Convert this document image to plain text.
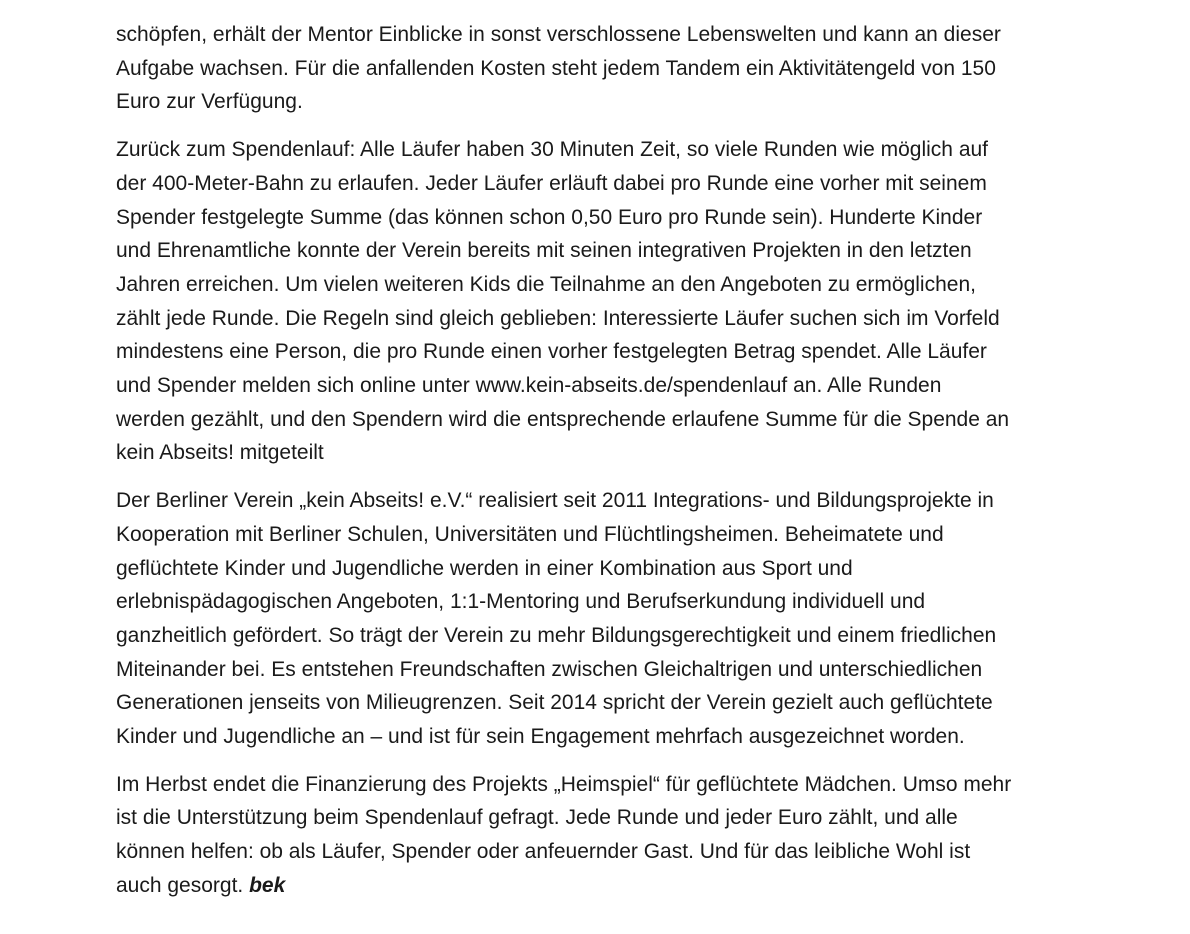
schöpfen, erhält der Mentor Einblicke in sonst verschlossene Lebenswelten und kann an dieser
Aufgabe wachsen. Für die anfallenden Kosten steht jedem Tandem ein Aktivitätengeld von 150
Euro zur Verfügung.

Zurück zum Spendenlauf: Alle Läufer haben 30 Minuten Zeit, so viele Runden wie möglich auf
der 400-Meter-Bahn zu erlaufen. Jeder Läufer erläuft dabei pro Runde eine vorher mit seinem
Spender festgelegte Summe (das können schon 0,50 Euro pro Runde sein). Hunderte Kinder
und Ehrenamtliche konnte der Verein bereits mit seinen integrativen Projekten in den letzten
Jahren erreichen. Um vielen weiteren Kids die Teilnahme an den Angeboten zu ermöglichen,
zählt jede Runde. Die Regeln sind gleich geblieben: Interessierte Läufer suchen sich im Vorfeld
mindestens eine Person, die pro Runde einen vorher festgelegten Betrag spendet. Alle Läufer
und Spender melden sich online unter www.kein-abseits.de/spendenlauf an. Alle Runden
werden gezählt, und den Spendern wird die entsprechende erlaufene Summe für die Spende an
kein Abseits! mitgeteilt

Der Berliner Verein „kein Abseits! e.V.“ realisiert seit 2011 Integrations- und Bildungsprojekte in
Kooperation mit Berliner Schulen, Universitäten und Flüchtlingsheimen. Beheimatete und
geflüchtete Kinder und Jugendliche werden in einer Kombination aus Sport und
erlebnispädagogischen Angeboten, 1:1-Mentoring und Berufserkundung individuell und
ganzheitlich gefördert. So trägt der Verein zu mehr Bildungsgerechtigkeit und einem friedlichen
Miteinander bei. Es entstehen Freundschaften zwischen Gleichaltrigen und unterschiedlichen
Generationen jenseits von Milieugrenzen. Seit 2014 spricht der Verein gezielt auch geflüchtete
Kinder und Jugendliche an – und ist für sein Engagement mehrfach ausgezeichnet worden.

Im Herbst endet die Finanzierung des Projekts „Heimspiel“ für geflüchtete Mädchen. Umso mehr
ist die Unterstützung beim Spendenlauf gefragt. Jede Runde und jeder Euro zählt, und alle
können helfen: ob als Läufer, Spender oder anfeuernder Gast. Und für das leibliche Wohl ist
auch gesorgt. bek
